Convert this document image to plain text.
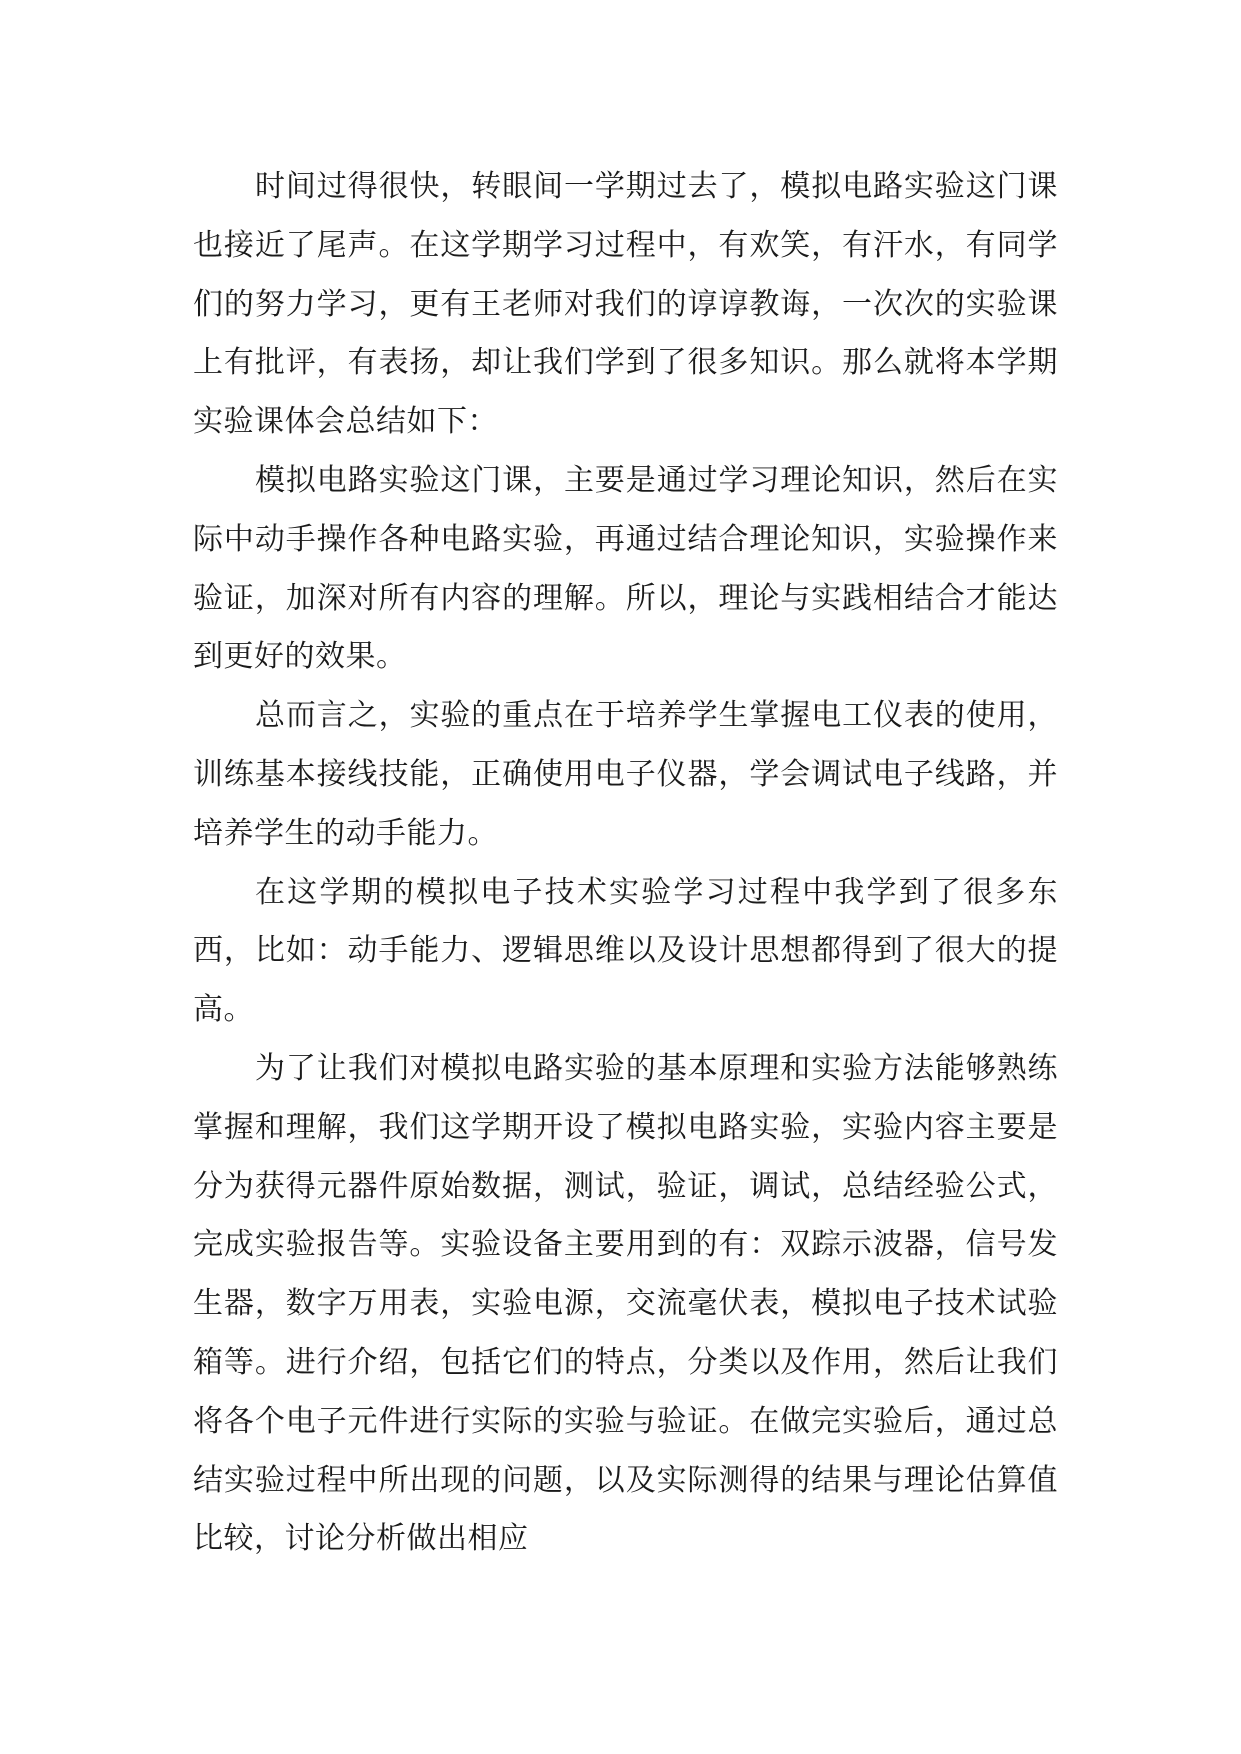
时间过得很快，转眼间一学期过去了，模拟电路实验这门课也接近了尾声。在这学期学习过程中，有欢笑，有汗水，有同学们的努力学习，更有王老师对我们的谆谆教诲，一次次的实验课上有批评，有表扬，却让我们学到了很多知识。那么就将本学期实验课体会总结如下：

模拟电路实验这门课，主要是通过学习理论知识，然后在实际中动手操作各种电路实验，再通过结合理论知识，实验操作来验证，加深对所有内容的理解。所以，理论与实践相结合才能达到更好的效果。

总而言之，实验的重点在于培养学生掌握电工仪表的使用，训练基本接线技能，正确使用电子仪器，学会调试电子线路，并培养学生的动手能力。

在这学期的模拟电子技术实验学习过程中我学到了很多东西，比如：动手能力、逻辑思维以及设计思想都得到了很大的提高。

为了让我们对模拟电路实验的基本原理和实验方法能够熟练掌握和理解，我们这学期开设了模拟电路实验，实验内容主要是分为获得元器件原始数据，测试，验证，调试，总结经验公式，完成实验报告等。实验设备主要用到的有：双踪示波器，信号发生器，数字万用表，实验电源，交流毫伏表，模拟电子技术试验箱等。进行介绍，包括它们的特点，分类以及作用，然后让我们将各个电子元件进行实际的实验与验证。在做完实验后，通过总结实验过程中所出现的问题，以及实际测得的结果与理论估算值比较，讨论分析做出相应
